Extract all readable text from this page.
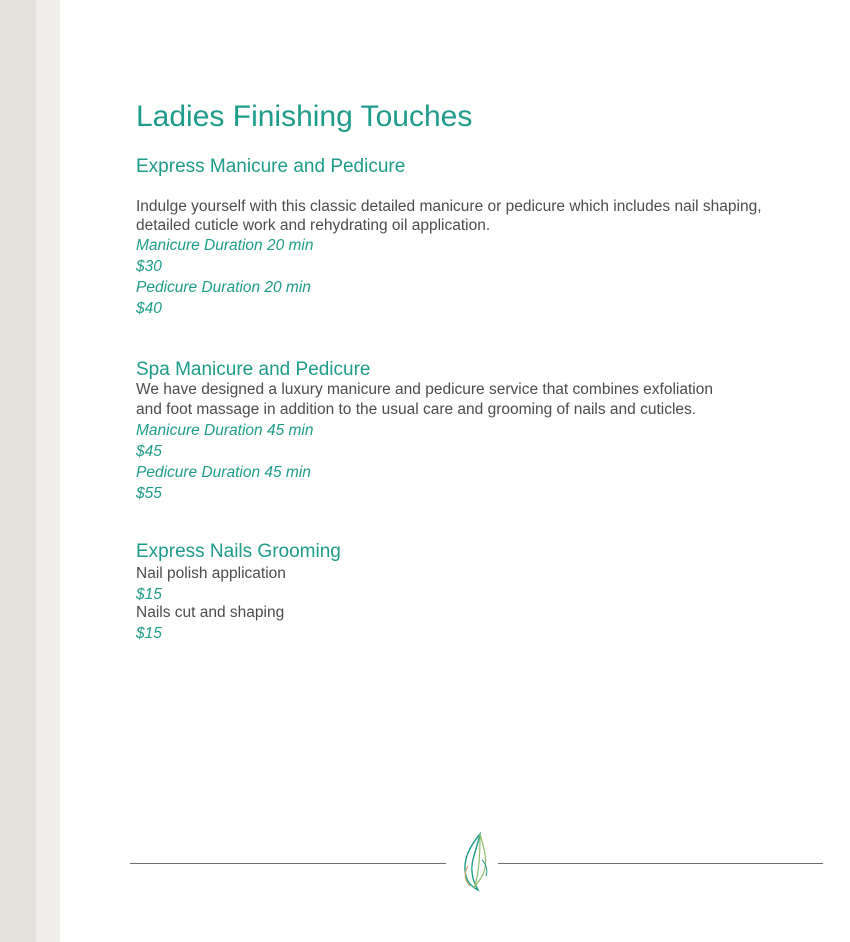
Ladies Finishing Touches
Express Manicure and Pedicure
Indulge yourself with this classic detailed manicure or pedicure which includes nail shaping,
detailed cuticle work and rehydrating oil application.
Manicure Duration 20 min
$30
Pedicure Duration 20 min
$40
Spa Manicure and Pedicure
We have designed a luxury manicure and pedicure service that combines exfoliation
and foot massage in addition to the usual care and grooming of nails and cuticles.
Manicure Duration 45 min
$45
Pedicure Duration 45 min
$55
Express Nails Grooming
Nail polish application
$15
Nails cut and shaping
$15
